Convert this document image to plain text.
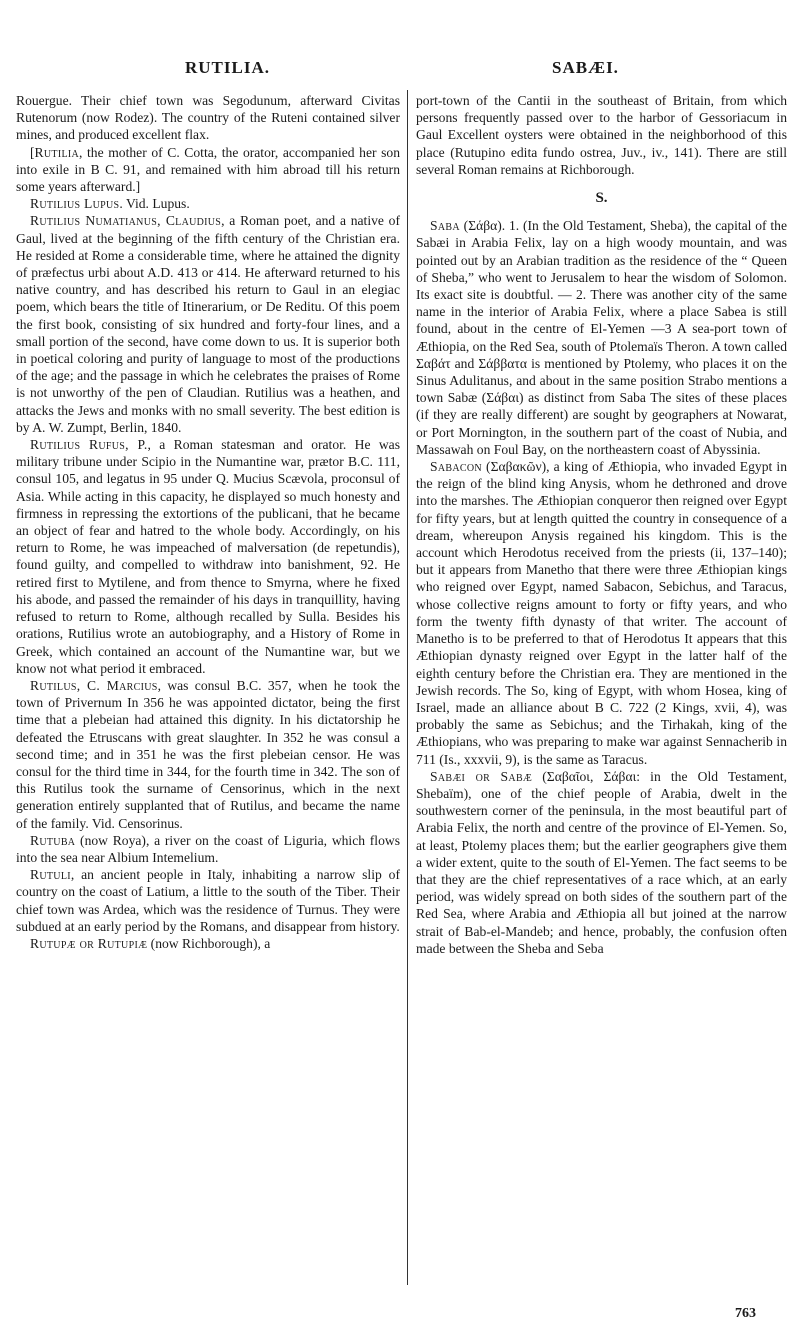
RUTILIA.	SABÆI.

Rouergue. Their chief town was Segodunum, afterward Civitas Rutenorum (now Rodez). The country of the Ruteni contained silver mines, and produced excellent flax.

[Rutilia, the mother of C. Cotta, the orator, accompanied her son into exile in B C. 91, and remained with him abroad till his return some years afterward.]

Rutilius Lupus. Vid. Lupus.

Rutilius Numatianus, Claudius, a Roman poet, and a native of Gaul, lived at the beginning of the fifth century of the Christian era. He resided at Rome a considerable time, where he attained the dignity of præfectus urbi about A.D. 413 or 414. He afterward returned to his native country, and has described his return to Gaul in an elegiac poem, which bears the title of Itinerarium, or De Reditu. Of this poem the first book, consisting of six hundred and forty-four lines, and a small portion of the second, have come down to us. It is superior both in poetical coloring and purity of language to most of the productions of the age; and the passage in which he celebrates the praises of Rome is not unworthy of the pen of Claudian. Rutilius was a heathen, and attacks the Jews and monks with no small severity. The best edition is by A. W. Zumpt, Berlin, 1840.

Rutilius Rufus, P., a Roman statesman and orator. He was military tribune under Scipio in the Numantine war, prætor B.C. 111, consul 105, and legatus in 95 under Q. Mucius Scævola, proconsul of Asia. While acting in this capacity, he displayed so much honesty and firmness in repressing the extortions of the publicani, that he became an object of fear and hatred to the whole body. Accordingly, on his return to Rome, he was impeached of malversation (de repetundis), found guilty, and compelled to withdraw into banishment, 92. He retired first to Mytilene, and from thence to Smyrna, where he fixed his abode, and passed the remainder of his days in tranquillity, having refused to return to Rome, although recalled by Sulla. Besides his orations, Rutilius wrote an autobiography, and a History of Rome in Greek, which contained an account of the Numantine war, but we know not what period it embraced.

Rutilus, C. Marcius, was consul B.C. 357, when he took the town of Privernum In 356 he was appointed dictator, being the first time that a plebeian had attained this dignity. In his dictatorship he defeated the Etruscans with great slaughter. In 352 he was consul a second time; and in 351 he was the first plebeian censor. He was consul for the third time in 344, for the fourth time in 342. The son of this Rutilus took the surname of Censorinus, which in the next generation entirely supplanted that of Rutilus, and became the name of the family. Vid. Censorinus.

Rutuba (now Roya), a river on the coast of Liguria, which flows into the sea near Albium Intemelium.

Rutuli, an ancient people in Italy, inhabiting a narrow slip of country on the coast of Latium, a little to the south of the Tiber. Their chief town was Ardea, which was the residence of Turnus. They were subdued at an early period by the Romans, and disappear from history.

Rutupæ or Rutupiæ (now Richborough), a

port-town of the Cantii in the southeast of Britain, from which persons frequently passed over to the harbor of Gessoriacum in Gaul Excellent oysters were obtained in the neighborhood of this place (Rutupino edita fundo ostrea, Juv., iv., 141). There are still several Roman remains at Richborough.

S.

Saba (Σάβα). 1. (In the Old Testament, Sheba), the capital of the Sabæi in Arabia Felix, lay on a high woody mountain, and was pointed out by an Arabian tradition as the residence of the “ Queen of Sheba,” who went to Jerusalem to hear the wisdom of Solomon. Its exact site is doubtful. — 2. There was another city of the same name in the interior of Arabia Felix, where a place Sabea is still found, about in the centre of El-Yemen —3 A sea-port town of Æthiopia, on the Red Sea, south of Ptolemaïs Theron. A town called Σαβάτ and Σάββατα is mentioned by Ptolemy, who places it on the Sinus Adulitanus, and about in the same position Strabo mentions a town Sabæ (Σάβαι) as distinct from Saba The sites of these places (if they are really different) are sought by geographers at Nowarat, or Port Mornington, in the southern part of the coast of Nubia, and Massawah on Foul Bay, on the northeastern coast of Abyssinia.

Sabacon (Σαβακῶν), a king of Æthiopia, who invaded Egypt in the reign of the blind king Anysis, whom he dethroned and drove into the marshes. The Æthiopian conqueror then reigned over Egypt for fifty years, but at length quitted the country in consequence of a dream, whereupon Anysis regained his kingdom. This is the account which Herodotus received from the priests (ii, 137–140); but it appears from Manetho that there were three Æthiopian kings who reigned over Egypt, named Sabacon, Sebichus, and Taracus, whose collective reigns amount to forty or fifty years, and who form the twenty fifth dynasty of that writer. The account of Manetho is to be preferred to that of Herodotus It appears that this Æthiopian dynasty reigned over Egypt in the latter half of the eighth century before the Christian era. They are mentioned in the Jewish records. The So, king of Egypt, with whom Hosea, king of Israel, made an alliance about B C. 722 (2 Kings, xvii, 4), was probably the same as Sebichus; and the Tirhakah, king of the Æthiopians, who was preparing to make war against Sennacherib in 711 (Is., xxxvii, 9), is the same as Taracus.

Sabæi or Sabæ (Σαβαῖοι, Σάβαι: in the Old Testament, Shebaïm), one of the chief people of Arabia, dwelt in the southwestern corner of the peninsula, in the most beautiful part of Arabia Felix, the north and centre of the province of El-Yemen. So, at least, Ptolemy places them; but the earlier geographers give them a wider extent, quite to the south of El-Yemen. The fact seems to be that they are the chief representatives of a race which, at an early period, was widely spread on both sides of the southern part of the Red Sea, where Arabia and Æthiopia all but joined at the narrow strait of Bab-el-Mandeb; and hence, probably, the confusion often made between the Sheba and Seba

763
